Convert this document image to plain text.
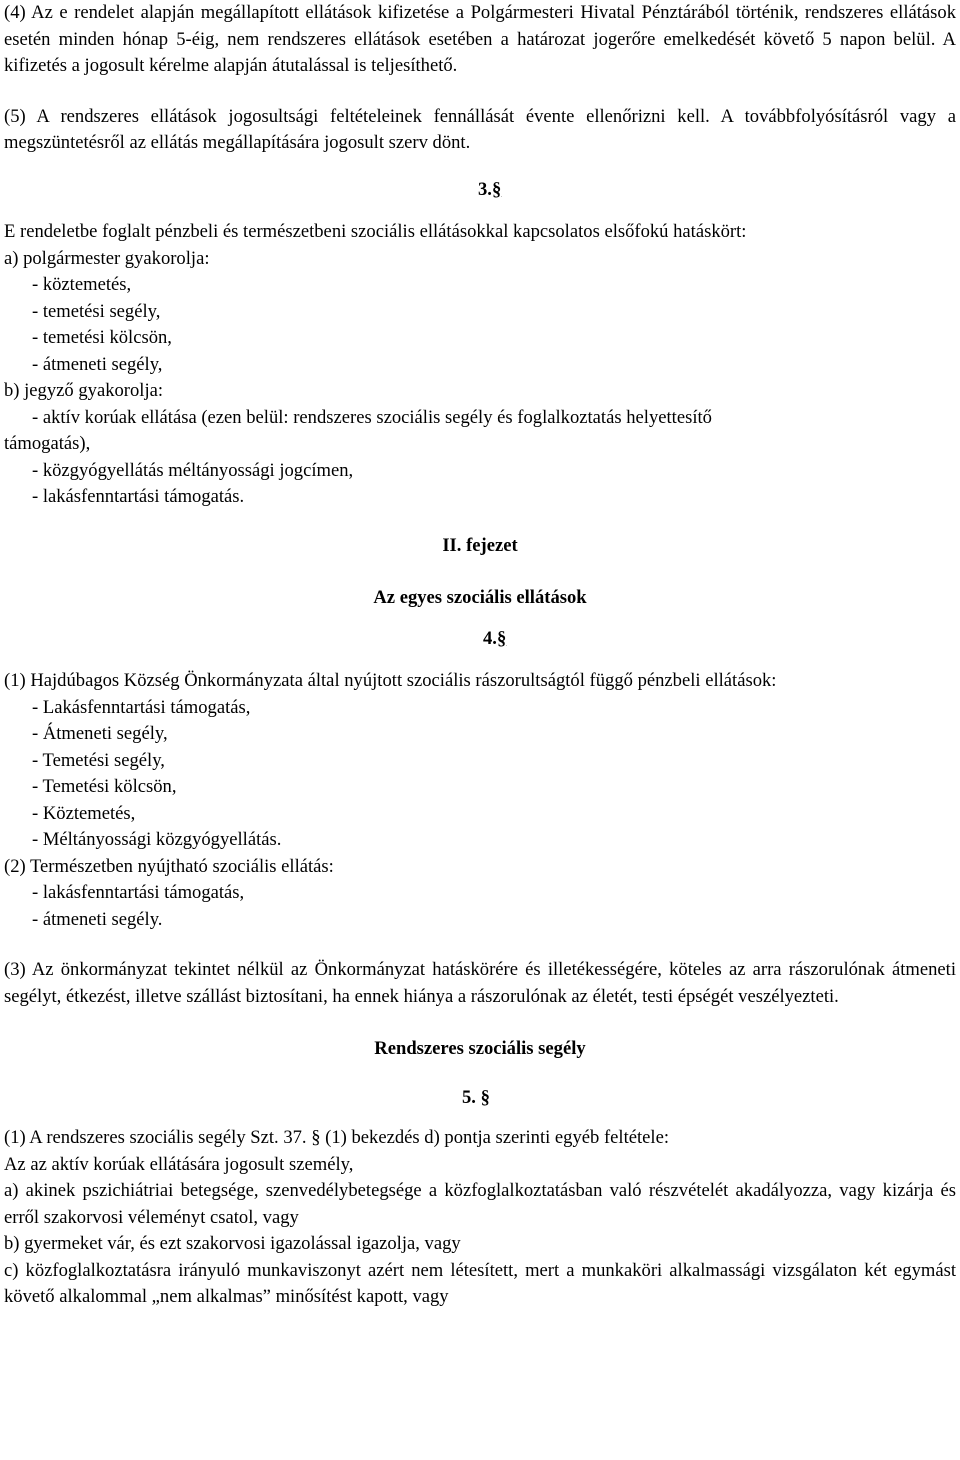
(4) Az e rendelet alapján megállapított ellátások kifizetése a Polgármesteri Hivatal Pénztárából történik, rendszeres ellátások esetén minden hónap 5-éig, nem rendszeres ellátások esetében a határozat jogerőre emelkedését követő 5 napon belül. A kifizetés a jogosult kérelme alapján átutalással is teljesíthető.

(5) A rendszeres ellátások jogosultsági feltételeinek fennállását évente ellenőrizni kell. A továbbfolyósításról vagy a megszüntetésről az ellátás megállapítására jogosult szerv dönt.

3.§

E rendeletbe foglalt pénzbeli és természetbeni szociális ellátásokkal kapcsolatos elsőfokú hatáskört:

a) polgármester gyakorolja:

- köztemetés,

- temetési segély,

- temetési kölcsön,

- átmeneti segély,

b) jegyző gyakorolja:

- aktív korúak ellátása (ezen belül: rendszeres szociális segély és foglalkoztatás helyettesítő

támogatás),

- közgyógyellátás méltányossági jogcímen,

- lakásfenntartási támogatás.

II. fejezet

Az egyes szociális ellátások

4.§

(1) Hajdúbagos Község Önkormányzata által nyújtott szociális rászorultságtól függő pénzbeli ellátások:

- Lakásfenntartási támogatás,

- Átmeneti segély,

- Temetési segély,

- Temetési kölcsön,

- Köztemetés,

- Méltányossági közgyógyellátás.

(2) Természetben nyújtható szociális ellátás:

- lakásfenntartási támogatás,

- átmeneti segély.

(3) Az önkormányzat tekintet nélkül az Önkormányzat hatáskörére és illetékességére, köteles az arra rászorulónak átmeneti segélyt, étkezést, illetve szállást biztosítani, ha ennek hiánya a rászorulónak az életét, testi épségét veszélyezteti.

Rendszeres szociális segély

5. §

(1) A rendszeres szociális segély Szt. 37. § (1) bekezdés d) pontja szerinti egyéb feltétele:

Az az aktív korúak ellátására jogosult személy,

a) akinek pszichiátriai betegsége, szenvedélybetegsége a közfoglalkoztatásban való részvételét akadályozza, vagy kizárja és erről szakorvosi véleményt csatol, vagy

b) gyermeket vár, és ezt szakorvosi igazolással igazolja, vagy

c) közfoglalkoztatásra irányuló munkaviszonyt azért nem létesített, mert a munkaköri alkalmassági vizsgálaton két egymást követő alkalommal „nem alkalmas” minősítést kapott, vagy
